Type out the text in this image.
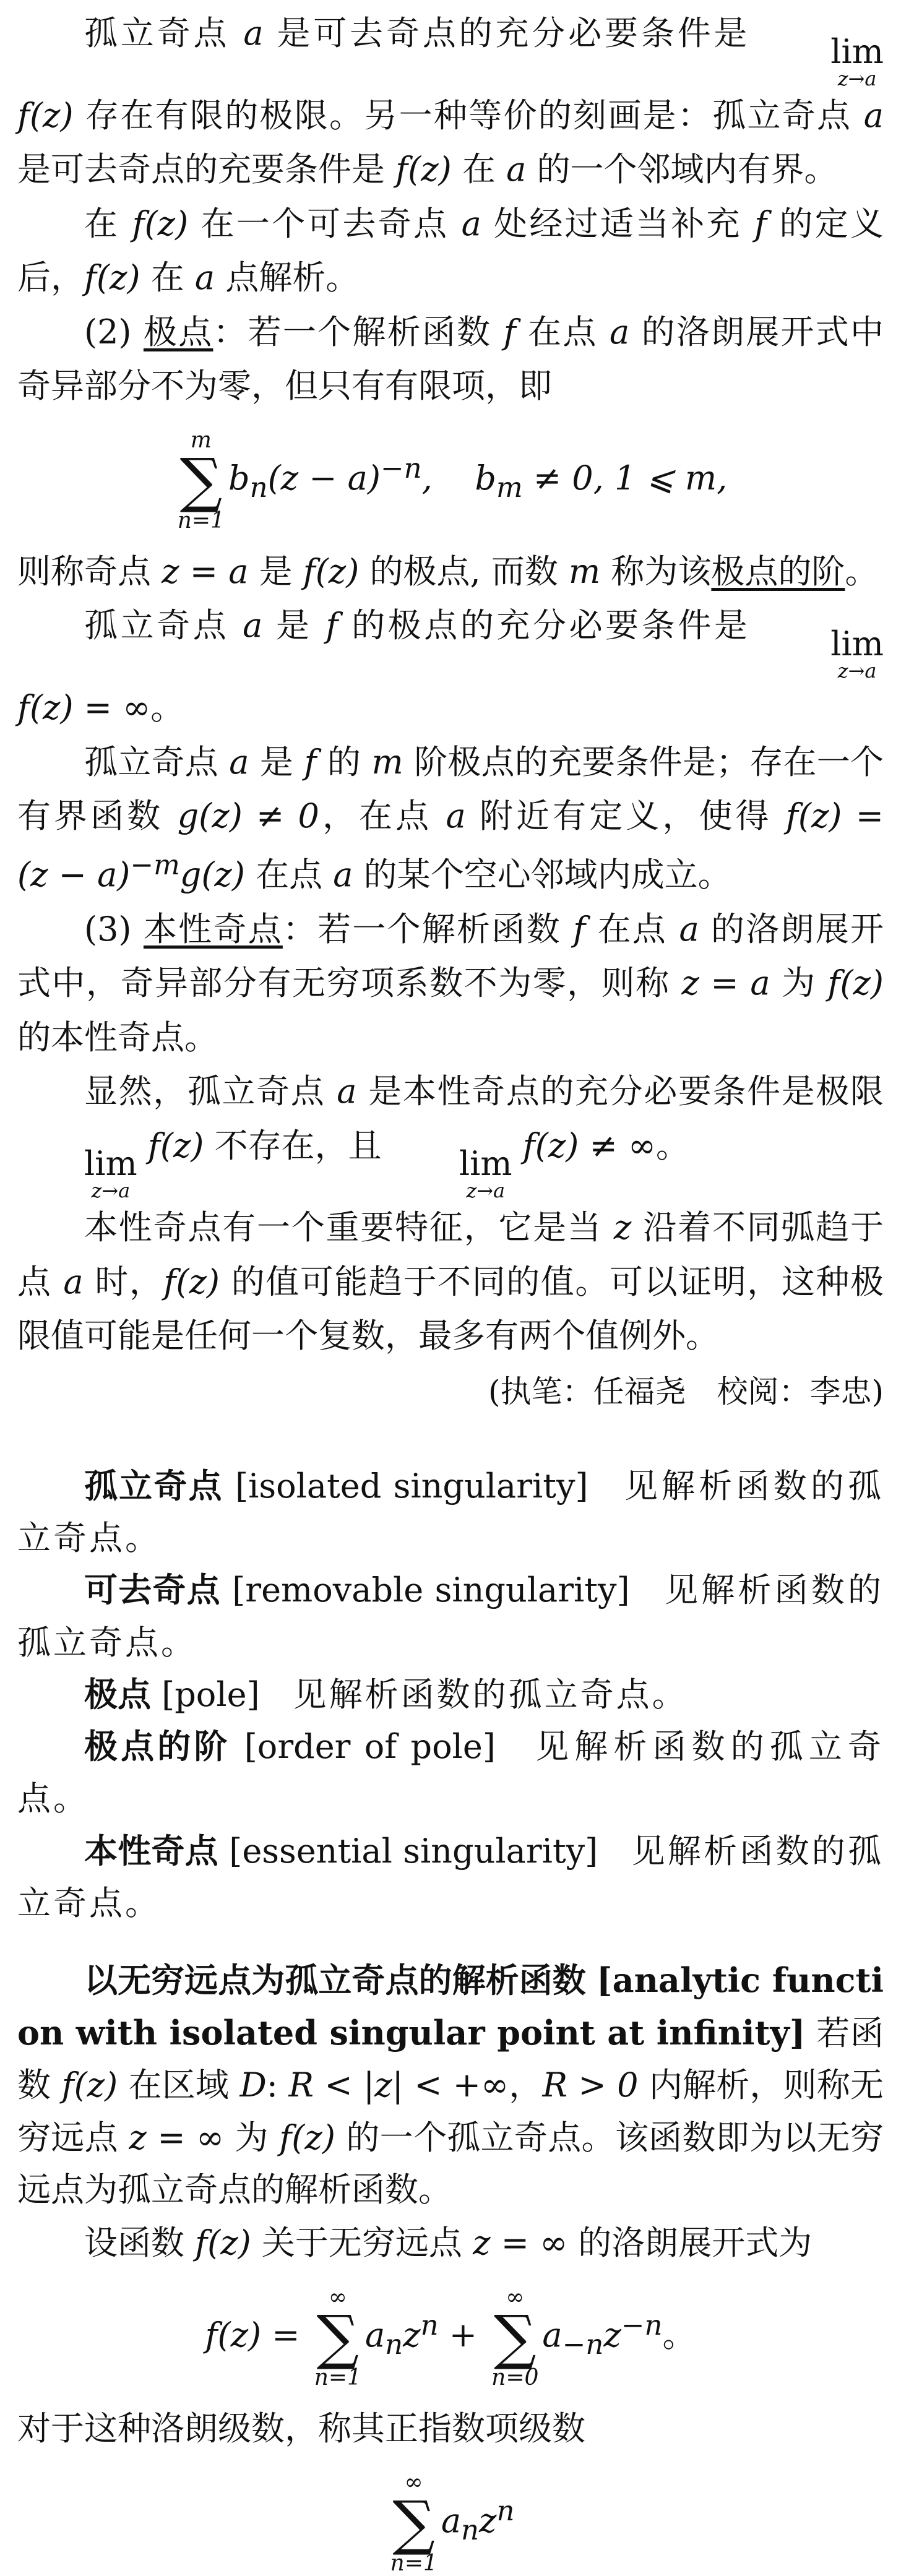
孤立奇点 a 是可去奇点的充分必要条件是	lim
z→a
f(z) 存在有限的极限。另一种等价的刻画是：孤立奇点 a 是可去奇点的充要条件是 f(z) 在 a 的一个邻域内有界。

在 f(z) 在一个可去奇点 a 处经过适当补充 f 的定义后，f(z) 在 a 点解析。

(2) 极点：若一个解析函数 f 在点 a 的洛朗展开式中奇异部分不为零，但只有有限项，即

m
∑
n=1
$b_n(z - a)^{-n}$,    $b_m \ne 0$, 1 ⩽ m,

则称奇点 z = a 是 f(z) 的极点, 而数 m 称为该极点的阶。

孤立奇点 a 是 f 的极点的充分必要条件是	lim
z→a
f(z) = ∞。

孤立奇点 a 是 f 的 m 阶极点的充要条件是；存在一个有界函数 g(z) ≠ 0，在点 a 附近有定义，使得 $f(z) = (z - a)^{-m}g(z)$ 在点 a 的某个空心邻域内成立。

(3) 本性奇点：若一个解析函数 f 在点 a 的洛朗展开式中，奇异部分有无穷项系数不为零，则称 z = a 为 f(z) 的本性奇点。

显然，孤立奇点 a 是本性奇点的充分必要条件是极限
lim
z→a
f(z) 不存在，且	lim
z→a
f(z) ≠ ∞。

本性奇点有一个重要特征，它是当 z 沿着不同弧趋于点 a 时，f(z) 的值可能趋于不同的值。可以证明，这种极限值可能是任何一个复数，最多有两个值例外。

(执笔：任福尧　校阅：李忠)

孤立奇点 [isolated singularity]　 见解析函数的孤立奇点。

可去奇点 [removable singularity]　 见解析函数的孤立奇点。

极点 [pole]　 见解析函数的孤立奇点。

极点的阶 [order of pole]　 见解析函数的孤立奇点。

本性奇点 [essential singularity]　 见解析函数的孤立奇点。

以无穷远点为孤立奇点的解析函数 [analytic function with isolated singular point at infinity] 若函数 f(z) 在区域 D: R < |z| < +∞，R > 0 内解析，则称无穷远点 z = ∞ 为 f(z) 的一个孤立奇点。该函数即为以无穷远点为孤立奇点的解析函数。

设函数 f(z) 关于无穷远点 z = ∞ 的洛朗展开式为

f(z) =
∞
∑
n=1
$a_nz^n$ +
∞
∑
n=0
$a_{-n}z^{-n}$。

对于这种洛朗级数，称其正指数项级数

∞
∑
n=1
$a_nz^n$
